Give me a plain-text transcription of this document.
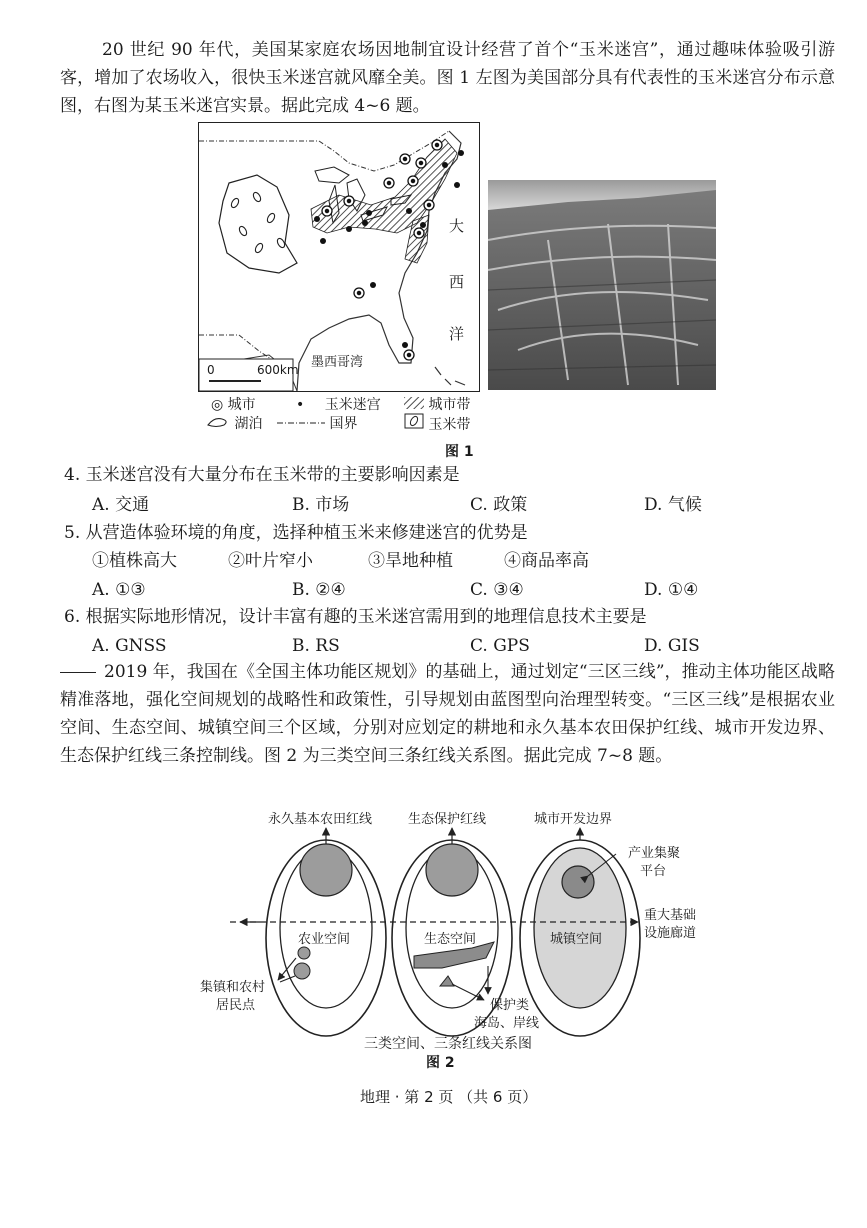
20 世纪 90 年代，美国某家庭农场因地制宜设计经营了首个“玉米迷宫”，通过趣味体验吸引游客，增加了农场收入，很快玉米迷宫就风靡全美。图 1 左图为美国部分具有代表性的玉米迷宫分布示意图，右图为某玉米迷宫实景。据此完成 4~6 题。
0	600km 墨西哥湾
大
西
洋
◎ 城市	• 玉米迷宫	城市带
湖泊	国界	玉米带
图 1
4. 玉米迷宫没有大量分布在玉米带的主要影响因素是
A. 交通	B. 市场	C. 政策	D. 气候
5. 从营造体验环境的角度，选择种植玉米来修建迷宫的优势是
①植株高大	②叶片窄小	③旱地种植	④商品率高
A. ①③	B. ②④	C. ③④	D. ①④
6. 根据实际地形情况，设计丰富有趣的玉米迷宫需用到的地理信息技术主要是
A. GNSS	B. RS	C. GPS	D. GIS
2019 年，我国在《全国主体功能区规划》的基础上，通过划定“三区三线”，推动主体功能区战略精准落地，强化空间规划的战略性和政策性，引导规划由蓝图型向治理型转变。“三区三线”是根据农业空间、生态空间、城镇空间三个区域，分别对应划定的耕地和永久基本农田保护红线、城市开发边界、生态保护红线三条控制线。图 2 为三类空间三条红线关系图。据此完成 7~8 题。
永久基本农田红线	生态保护红线	城市开发边界
农业空间	生态空间	城镇空间
产业集聚
平台
重大基础
设施廊道
集镇和农村
居民点	保护类
海岛、岸线
三类空间、三条红线关系图
图 2
地理 · 第 2 页 （共 6 页）
